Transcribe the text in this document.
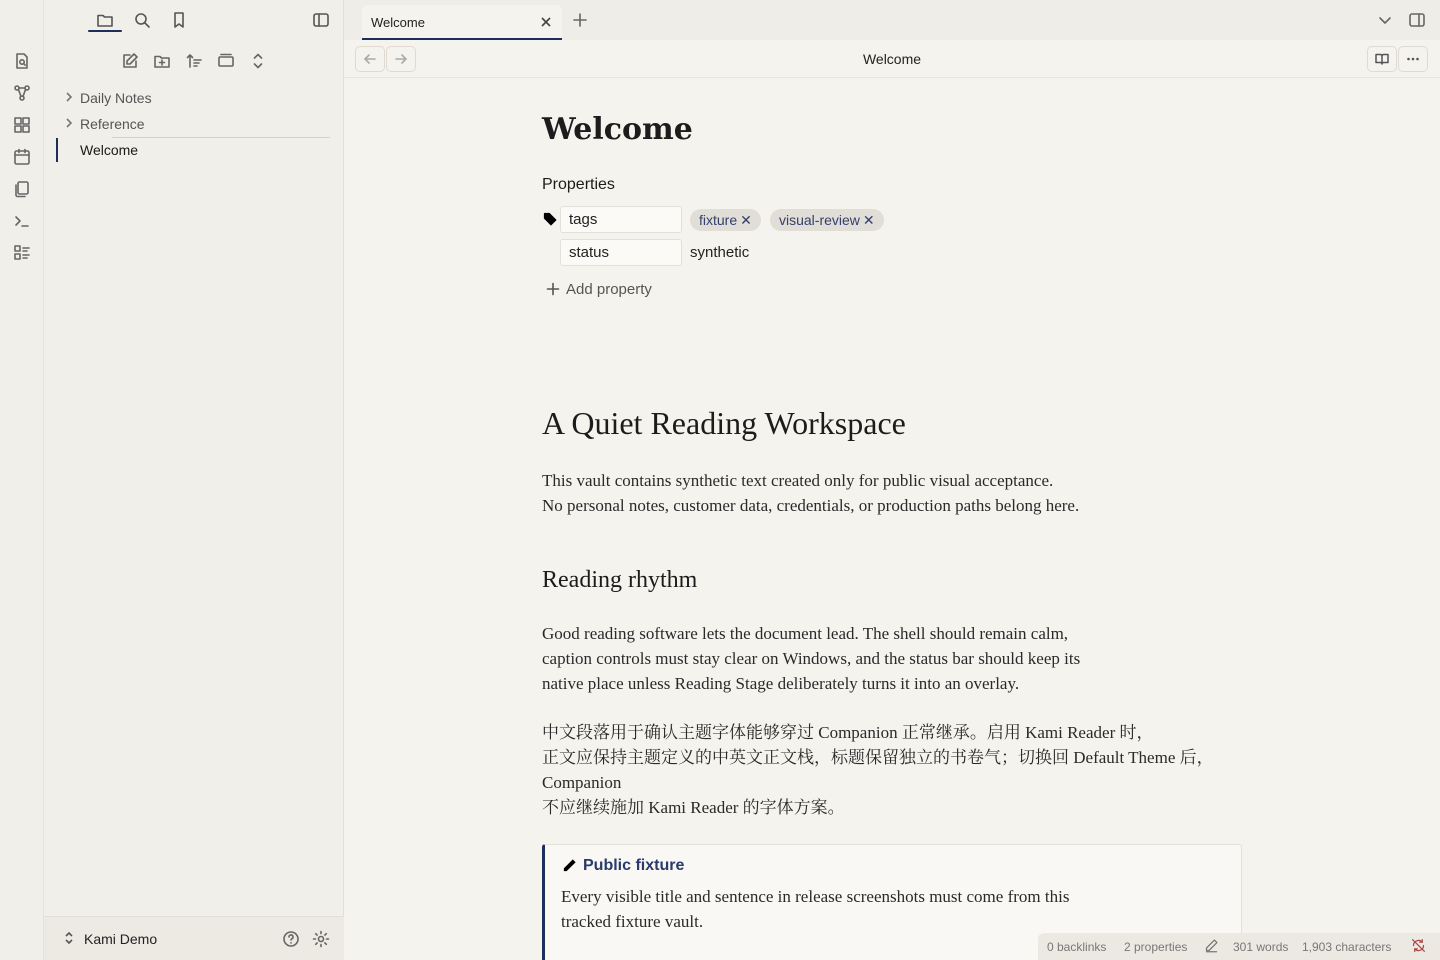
Daily Notes
Reference
Welcome
Kami Demo
Welcome
Welcome
Welcome
Properties
tags	fixture ✕	visual-review ✕
status	synthetic
Add property
A Quiet Reading Workspace
This vault contains synthetic text created only for public visual acceptance.
No personal notes, customer data, credentials, or production paths belong here.
Reading rhythm
Good reading software lets the document lead. The shell should remain calm,
caption controls must stay clear on Windows, and the status bar should keep its
native place unless Reading Stage deliberately turns it into an overlay.
中文段落用于确认主题字体能够穿过 Companion 正常继承。启用 Kami Reader 时，
正文应保持主题定义的中英文正文栈，标题保留独立的书卷气；切换回 Default Theme 后，
Companion
不应继续施加 Kami Reader 的字体方案。
Public fixture
Every visible title and sentence in release screenshots must come from this
tracked fixture vault.
0 backlinks 2 properties	301 words 1,903 characters
